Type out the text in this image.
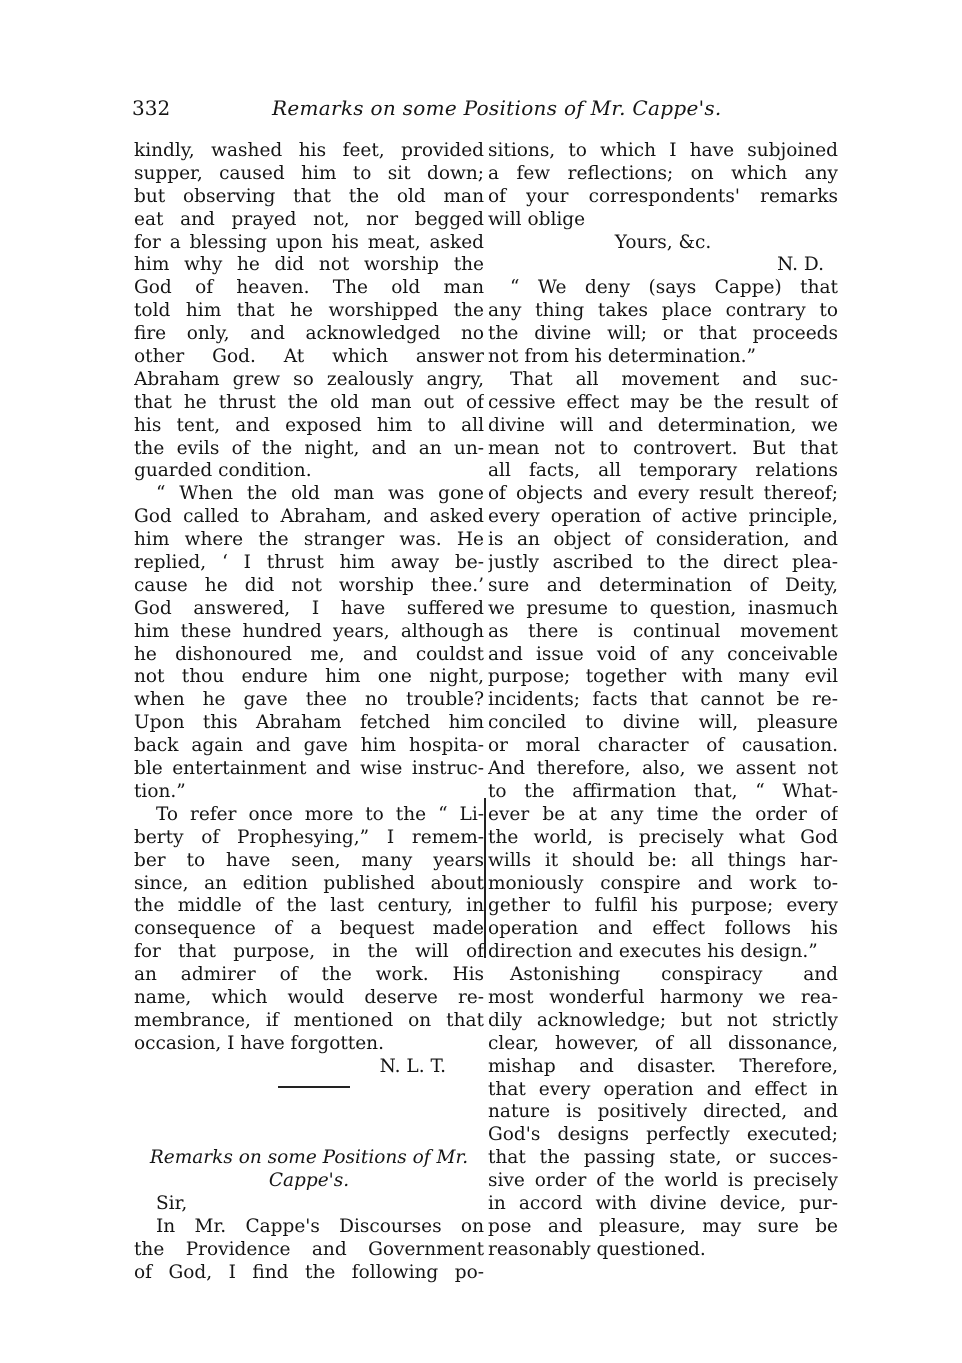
332	Remarks on some Positions of Mr. Cappe's.
kindly, washed his feet, provided
supper, caused him to sit down;
but observing that the old man
eat and prayed not, nor begged
for a blessing upon his meat, asked
him why he did not worship the
God of heaven. The old man
told him that he worshipped the
fire only, and acknowledged no
other God. At which answer
Abraham grew so zealously angry,
that he thrust the old man out of
his tent, and exposed him to all
the evils of the night, and an un-
guarded condition.
“ When the old man was gone
God called to Abraham, and asked
him where the stranger was. He
replied, ‘ I thrust him away be-
cause he did not worship thee.’
God answered, I have suffered
him these hundred years, although
he dishonoured me, and couldst
not thou endure him one night,
when he gave thee no trouble?
Upon this Abraham fetched him
back again and gave him hospita-
ble entertainment and wise instruc-
tion.”
To refer once more to the “ Li-
berty of Prophesying,” I remem-
ber to have seen, many years
since, an edition published about
the middle of the last century, in
consequence of a bequest made
for that purpose, in the will of
an admirer of the work. His
name, which would deserve re-
membrance, if mentioned on that
occasion, I have forgotten.
N. L. T.
Remarks on some Positions of Mr.
Cappe's.
Sir,
In Mr. Cappe's Discourses on
the Providence and Government
of God, I find the following po-
sitions, to which I have subjoined
a few reflections; on which any
of your correspondents' remarks
will oblige
Yours, &c.
N. D.
“ We deny (says Cappe) that
any thing takes place contrary to
the divine will; or that proceeds
not from his determination.”
That all movement and suc-
cessive effect may be the result of
divine will and determination, we
mean not to controvert. But that
all facts, all temporary relations
of objects and every result thereof;
every operation of active principle,
is an object of consideration, and
justly ascribed to the direct plea-
sure and determination of Deity,
we presume to question, inasmuch
as there is continual movement
and issue void of any conceivable
purpose; together with many evil
incidents; facts that cannot be re-
conciled to divine will, pleasure
or moral character of causation.
And therefore, also, we assent not
to the affirmation that, “ What-
ever be at any time the order of
the world, is precisely what God
wills it should be: all things har-
moniously conspire and work to-
gether to fulfil his purpose; every
operation and effect follows his
direction and executes his design.”
Astonishing conspiracy and
most wonderful harmony we rea-
dily acknowledge; but not strictly
clear, however, of all dissonance,
mishap and disaster. Therefore,
that every operation and effect in
nature is positively directed, and
God's designs perfectly executed;
that the passing state, or succes-
sive order of the world is precisely
in accord with divine device, pur-
pose and pleasure, may sure be
reasonably questioned.
